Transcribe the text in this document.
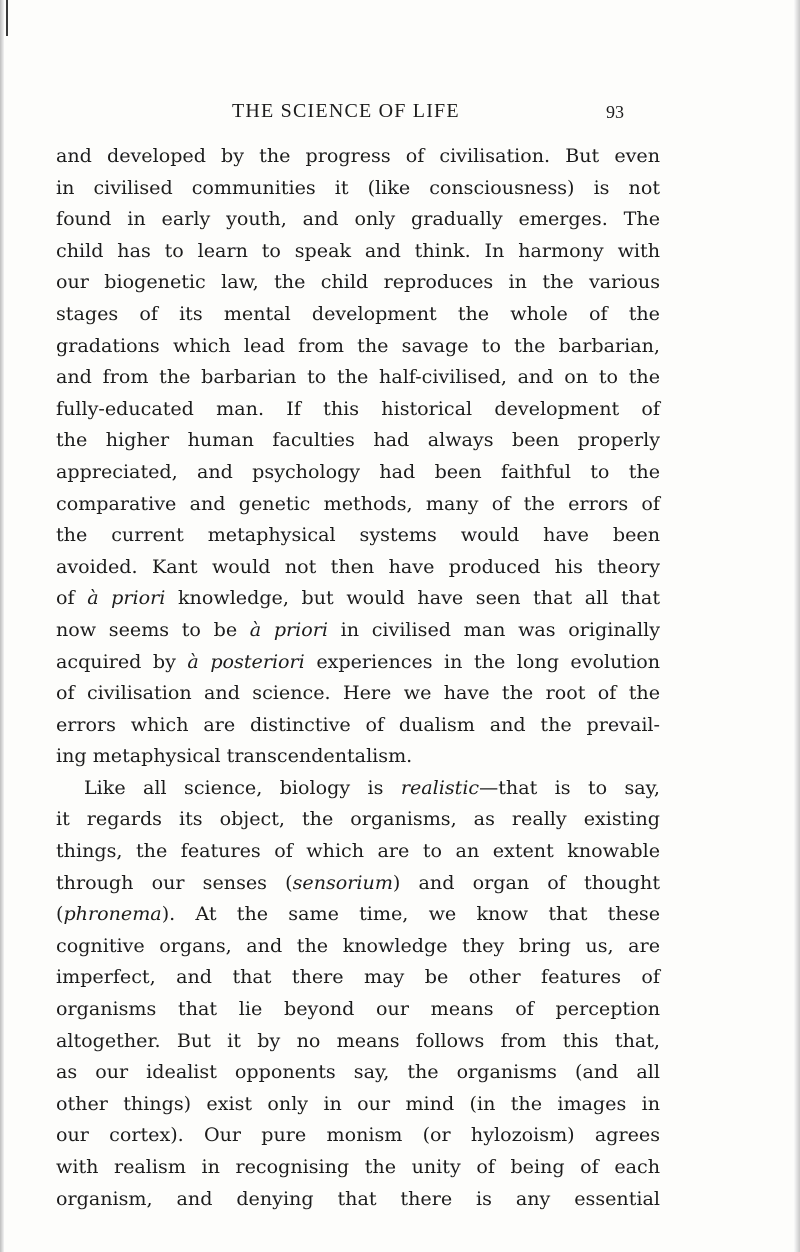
THE SCIENCE OF LIFE	93
and developed by the progress of civilisation. But even
in civilised communities it (like consciousness) is not
found in early youth, and only gradually emerges. The
child has to learn to speak and think. In harmony with
our biogenetic law, the child reproduces in the various
stages of its mental development the whole of the
gradations which lead from the savage to the barbarian,
and from the barbarian to the half-civilised, and on to the
fully-educated man. If this historical development of
the higher human faculties had always been properly
appreciated, and psychology had been faithful to the
comparative and genetic methods, many of the errors of
the current metaphysical systems would have been
avoided. Kant would not then have produced his theory
of à priori knowledge, but would have seen that all that
now seems to be à priori in civilised man was originally
acquired by à posteriori experiences in the long evolution
of civilisation and science. Here we have the root of the
errors which are distinctive of dualism and the prevail-
ing metaphysical transcendentalism.
Like all science, biology is realistic—that is to say,
it regards its object, the organisms, as really existing
things, the features of which are to an extent knowable
through our senses (sensorium) and organ of thought
(phronema). At the same time, we know that these
cognitive organs, and the knowledge they bring us, are
imperfect, and that there may be other features of
organisms that lie beyond our means of perception
altogether. But it by no means follows from this that,
as our idealist opponents say, the organisms (and all
other things) exist only in our mind (in the images in
our cortex). Our pure monism (or hylozoism) agrees
with realism in recognising the unity of being of each
organism, and denying that there is any essential
